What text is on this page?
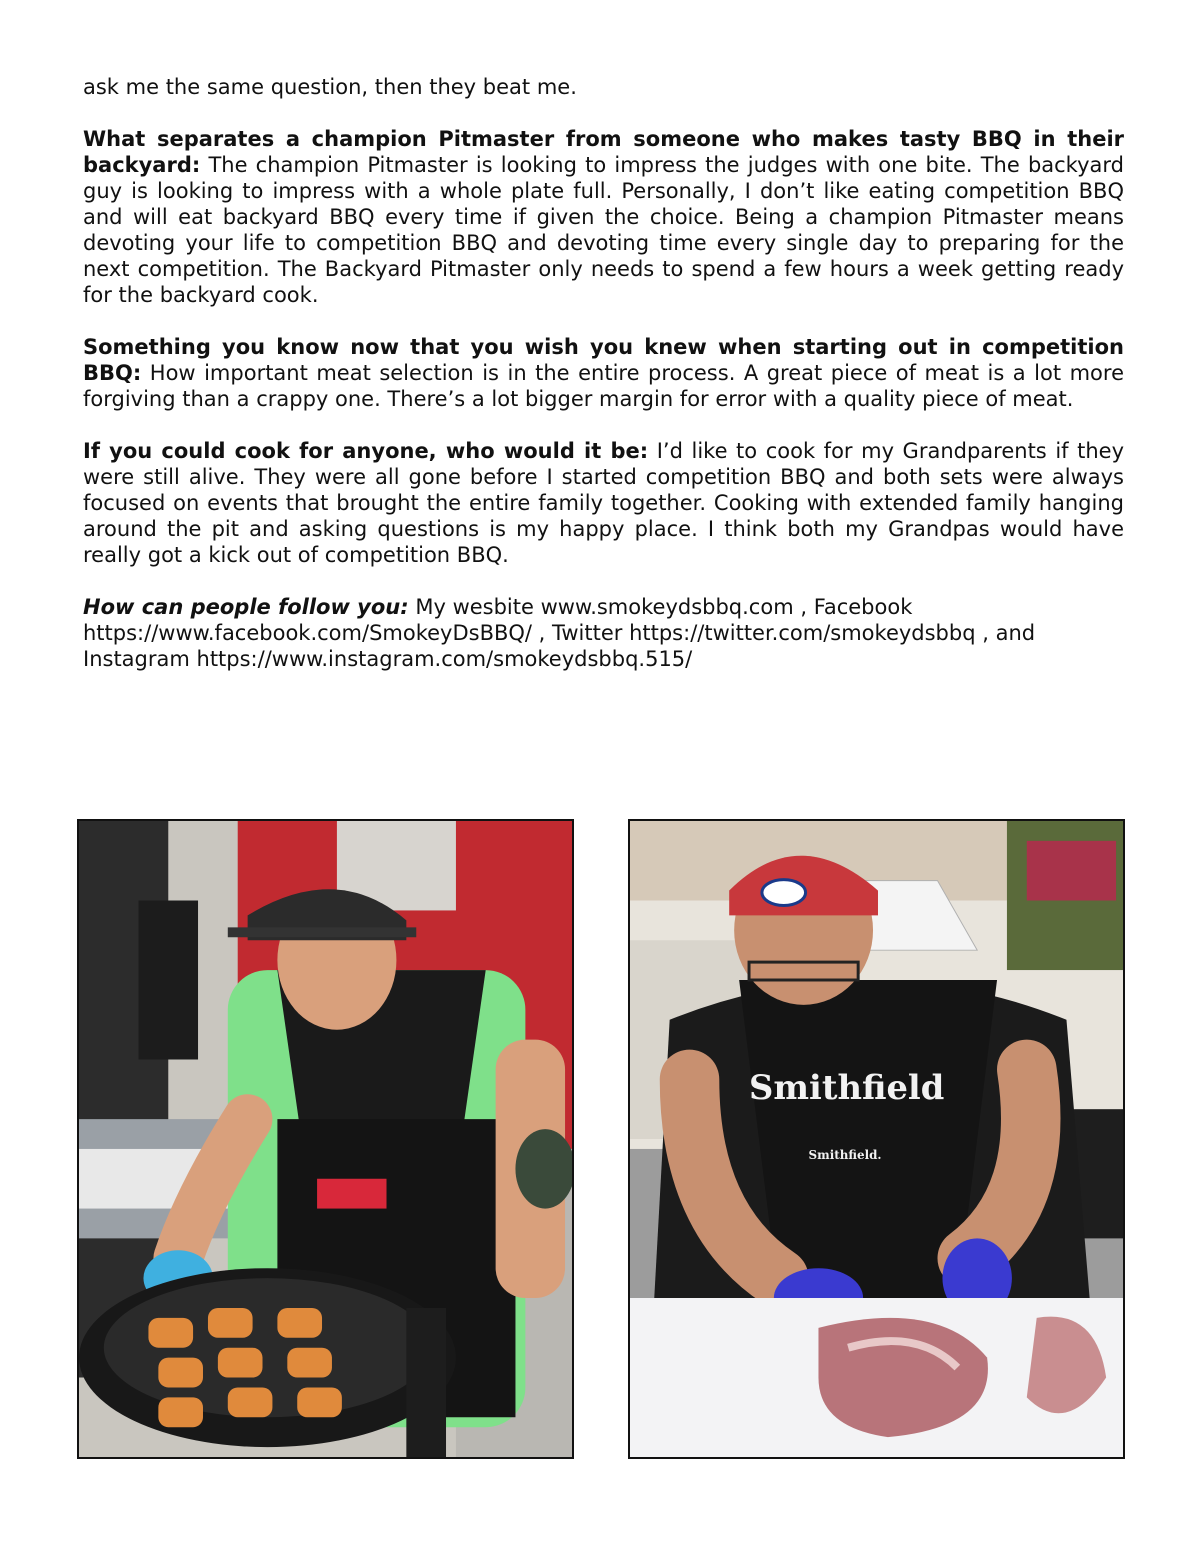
ask me the same question, then they beat me.

What separates a champion Pitmaster from someone who makes tasty BBQ in their backyard: The champion Pitmaster is looking to impress the judges with one bite. The backyard guy is looking to impress with a whole plate full. Personally, I don’t like eating competition BBQ and will eat backyard BBQ every time if given the choice. Being a champion Pitmaster means devoting your life to competition BBQ and devoting time every single day to preparing for the next competition. The Backyard Pitmaster only needs to spend a few hours a week getting ready for the backyard cook.

Something you know now that you wish you knew when starting out in competition BBQ: How important meat selection is in the entire process. A great piece of meat is a lot more forgiving than a crappy one. There’s a lot bigger margin for error with a quality piece of meat.

If you could cook for anyone, who would it be: I’d like to cook for my Grandparents if they were still alive. They were all gone before I started competition BBQ and both sets were always focused on events that brought the entire family together. Cooking with extended family hanging around the pit and asking questions is my happy place. I think both my Grandpas would have really got a kick out of competition BBQ.

How can people follow you: My wesbite www.smokeydsbbq.com , Facebook https://www.facebook.com/SmokeyDsBBQ/ , Twitter https://twitter.com/smokeydsbbq , and Instagram https://www.instagram.com/smokeydsbbq.515/

Smithfield
Smithfield.
